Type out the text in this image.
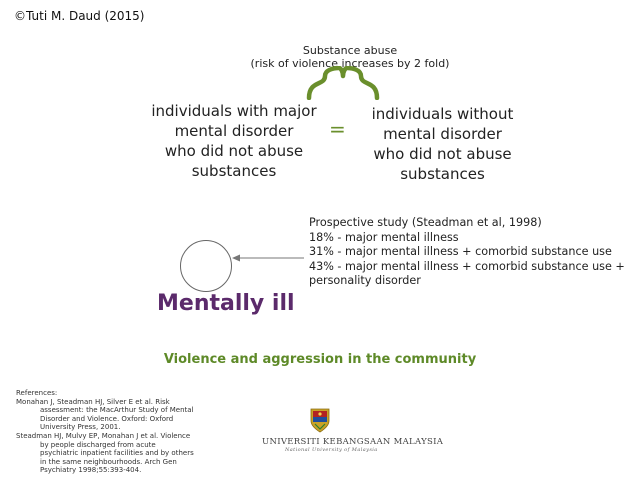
©Tuti M. Daud (2015)
Substance abuse
(risk of violence increases by 2 fold)
individuals with major
mental disorder
who did not abuse
substances
=
individuals without
mental disorder
who did not abuse
substances
Prospective study (Steadman et al, 1998)
18% - major mental illness
31% - major mental illness + comorbid substance use
43% - major mental illness + comorbid substance use +
personality disorder
Mentally ill
Violence and aggression in the community
References:
Monahan J, Steadman HJ, Silver E et al. Risk
assessment: the MacArthur Study of Mental
Disorder and Violence. Oxford: Oxford
University Press, 2001.
Steadman HJ, Mulvy EP, Monahan J et al. Violence
by people discharged from acute
psychiatric inpatient facilities and by others
in the same neighbourhoods. Arch Gen
Psychiatry 1998;55:393-404.
UNIVERSITI KEBANGSAAN MALAYSIA
National University of Malaysia
